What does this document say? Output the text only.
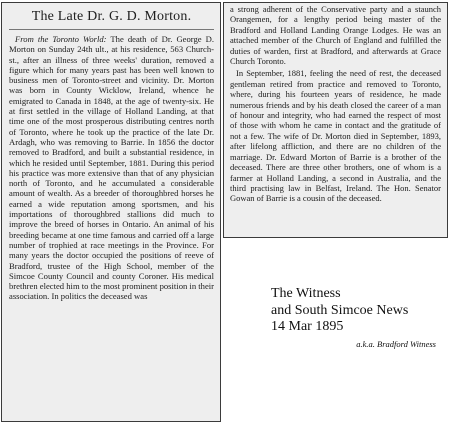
The Late Dr. G. D. Morton.

From the Toronto World: The death of Dr. George D. Morton on Sunday 24th ult., at his residence, 563 Church-st., after an illness of three weeks' duration, removed a figure which for many years past has been well known to business men of Toronto-street and vicinity. Dr. Morton was born in County Wicklow, Ireland, whence he emigrated to Canada in 1848, at the age of twenty-six. He at first settled in the village of Holland Landing, at that time one of the most prosperous distributing centres north of Toronto, where he took up the practice of the late Dr. Ardagh, who was removing to Barrie. In 1856 the doctor removed to Bradford, and built a substantial residence, in which he resided until September, 1881. During this period his practice was more extensive than that of any physician north of Toronto, and he accumulated a considerable amount of wealth. As a breeder of thoroughbred horses he earned a wide reputation among sportsmen, and his importations of thoroughbred stallions did much to improve the breed of horses in Ontario. An animal of his breeding became at one time famous and carried off a large number of trophied at race meetings in the Province. For many years the doctor occupied the positions of reeve of Bradford, trustee of the High School, member of the Simcoe County Council and county Coroner. His medical brethren elected him to the most prominent position in their association. In politics the deceased was

a strong adherent of the Conservative party and a staunch Orangemen, for a lengthy period being master of the Bradford and Holland Landing Orange Lodges. He was an attached member of the Church of England and fulfilled the duties of warden, first at Bradford, and afterwards at Grace Church Toronto.

In September, 1881, feeling the need of rest, the deceased gentleman retired from practice and removed to Toronto, where, during his fourteen years of residence, he made numerous friends and by his death closed the career of a man of honour and integrity, who had earned the respect of most of those with whom he came in contact and the gratitude of not a few. The wife of Dr. Morton died in September, 1893, after lifelong affliction, and there are no children of the marriage. Dr. Edward Morton of Barrie is a brother of the deceased. There are three other brothers, one of whom is a farmer at Holland Landing, a second in Australia, and the third practising law in Belfast, Ireland. The Hon. Senator Gowan of Barrie is a cousin of the deceased.

The Witness
and South Simcoe News
14 Mar 1895
a.k.a. Bradford Witness
